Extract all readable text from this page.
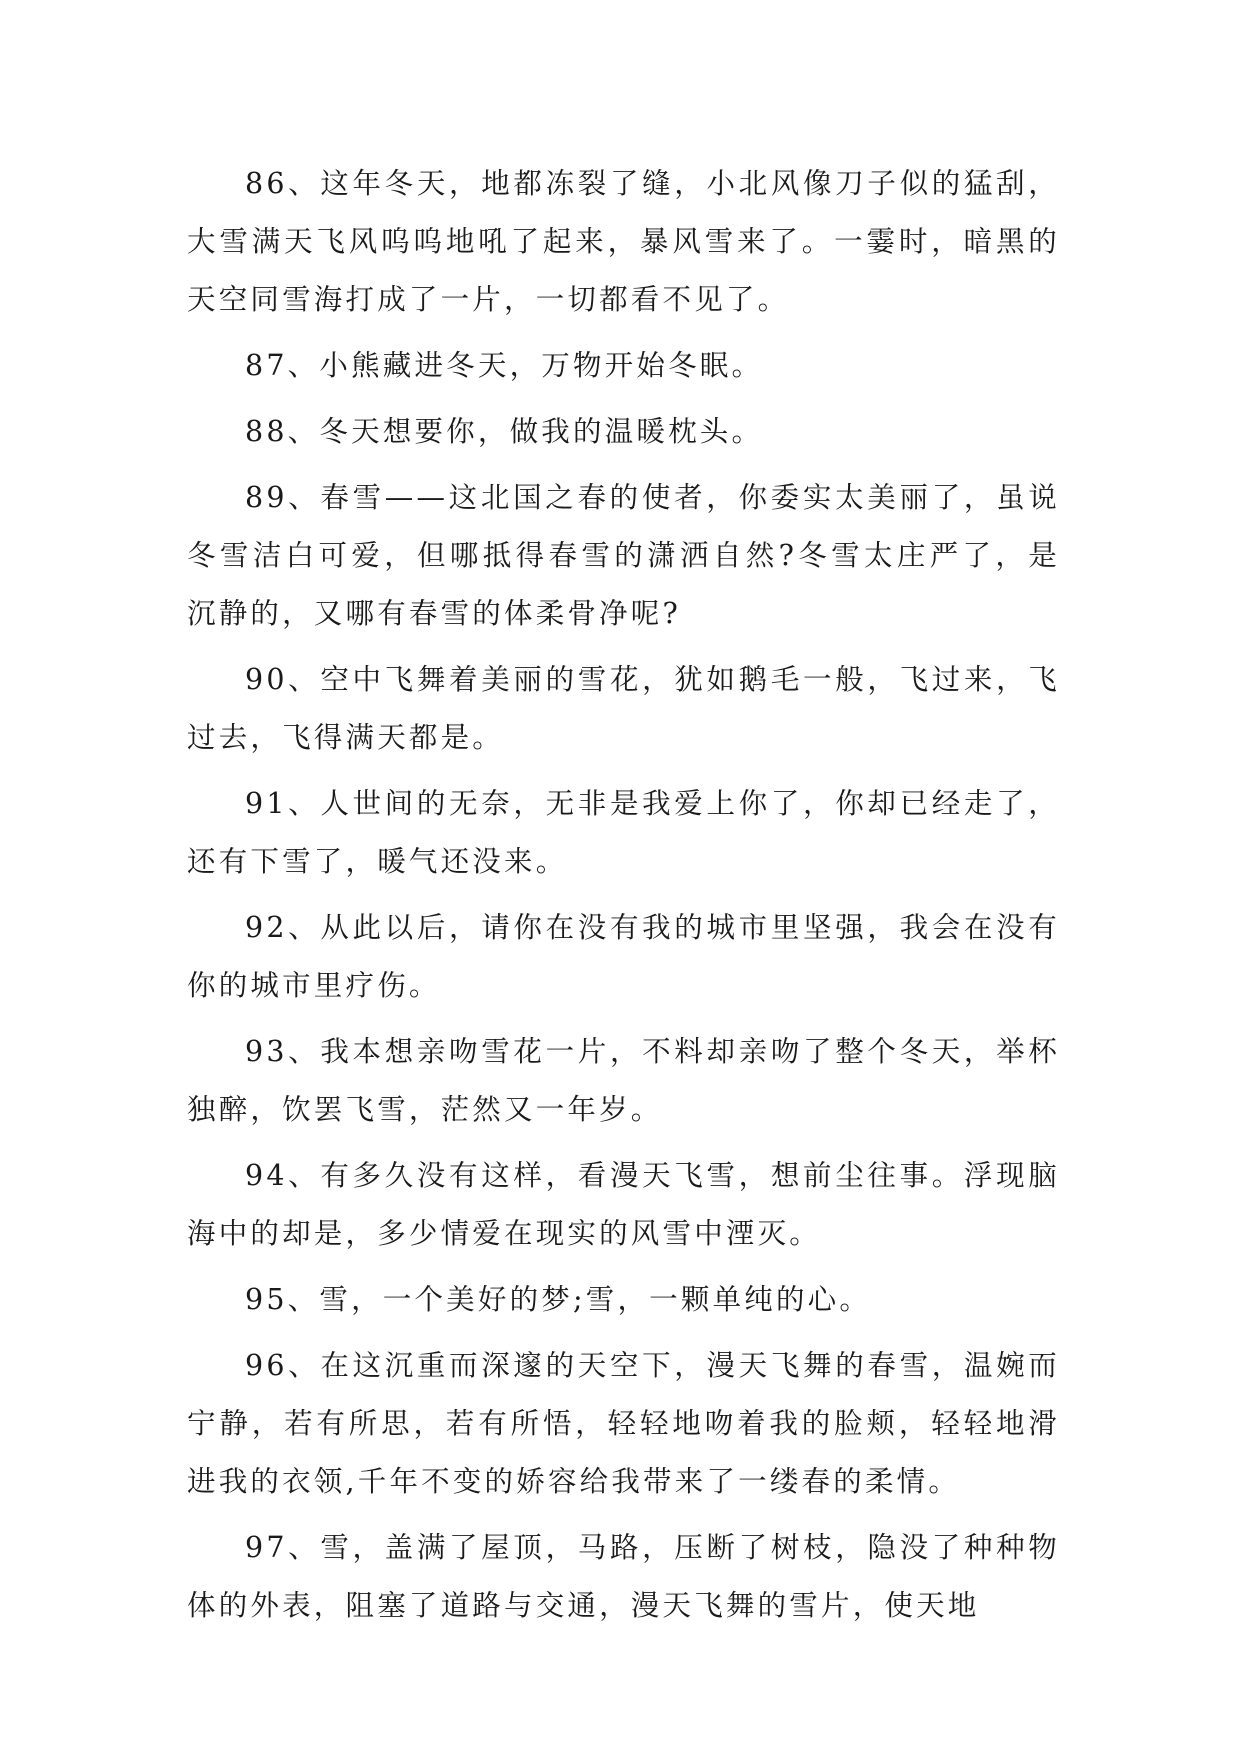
86、这年冬天，地都冻裂了缝，小北风像刀子似的猛刮，大雪满天飞风呜呜地吼了起来，暴风雪来了。一霎时，暗黑的天空同雪海打成了一片，一切都看不见了。

87、小熊藏进冬天，万物开始冬眠。

88、冬天想要你，做我的温暖枕头。

89、春雪——这北国之春的使者，你委实太美丽了，虽说冬雪洁白可爱，但哪抵得春雪的潇洒自然?冬雪太庄严了，是沉静的，又哪有春雪的体柔骨净呢?

90、空中飞舞着美丽的雪花，犹如鹅毛一般，飞过来，飞过去，飞得满天都是。

91、人世间的无奈，无非是我爱上你了，你却已经走了，还有下雪了，暖气还没来。

92、从此以后，请你在没有我的城市里坚强，我会在没有你的城市里疗伤。

93、我本想亲吻雪花一片，不料却亲吻了整个冬天，举杯独醉，饮罢飞雪，茫然又一年岁。

94、有多久没有这样，看漫天飞雪，想前尘往事。浮现脑海中的却是，多少情爱在现实的风雪中湮灭。

95、雪，一个美好的梦;雪，一颗单纯的心。

96、在这沉重而深邃的天空下，漫天飞舞的春雪，温婉而宁静，若有所思，若有所悟，轻轻地吻着我的脸颊，轻轻地滑进我的衣领,千年不变的娇容给我带来了一缕春的柔情。

97、雪，盖满了屋顶，马路，压断了树枝，隐没了种种物体的外表，阻塞了道路与交通，漫天飞舞的雪片，使天地
